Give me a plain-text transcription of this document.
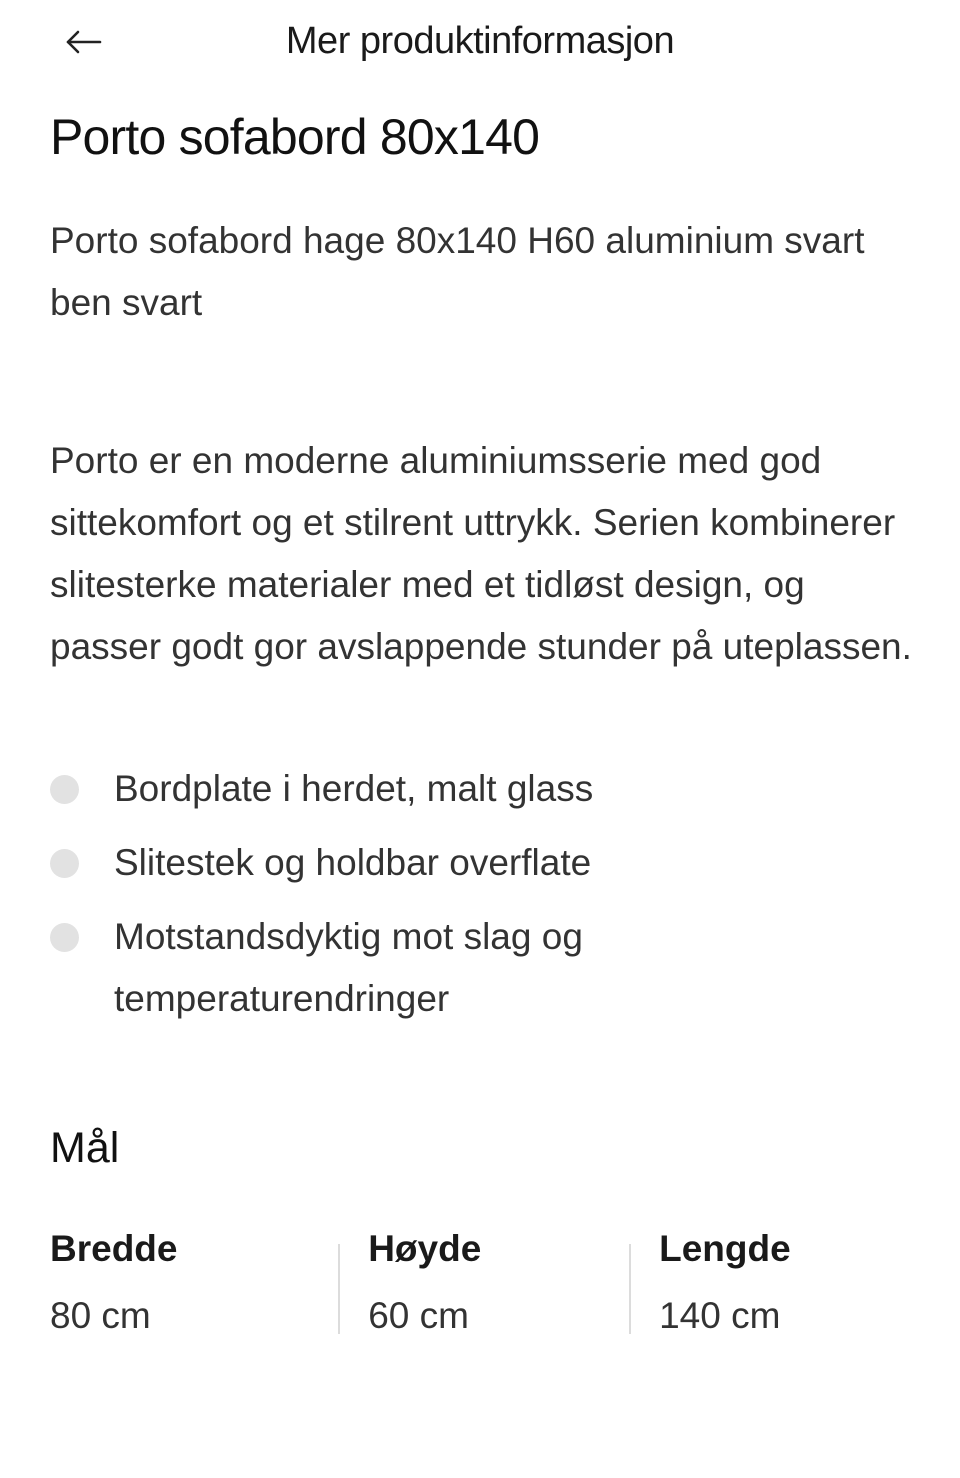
Mer produktinformasjon
Porto sofabord 80x140

Porto sofabord hage 80x140 H60 aluminium svart ben svart

Porto er en moderne aluminiumsserie med god sittekomfort og et stilrent uttrykk. Serien kombinerer slitesterke materialer med et tidløst design, og passer godt gor avslappende stunder på uteplassen.

Bordplate i herdet, malt glass
Slitestek og holdbar overflate
Motstandsdyktig mot slag og temperaturendringer
Mål
Bredde
80 cm
Høyde
60 cm
Lengde
140 cm
